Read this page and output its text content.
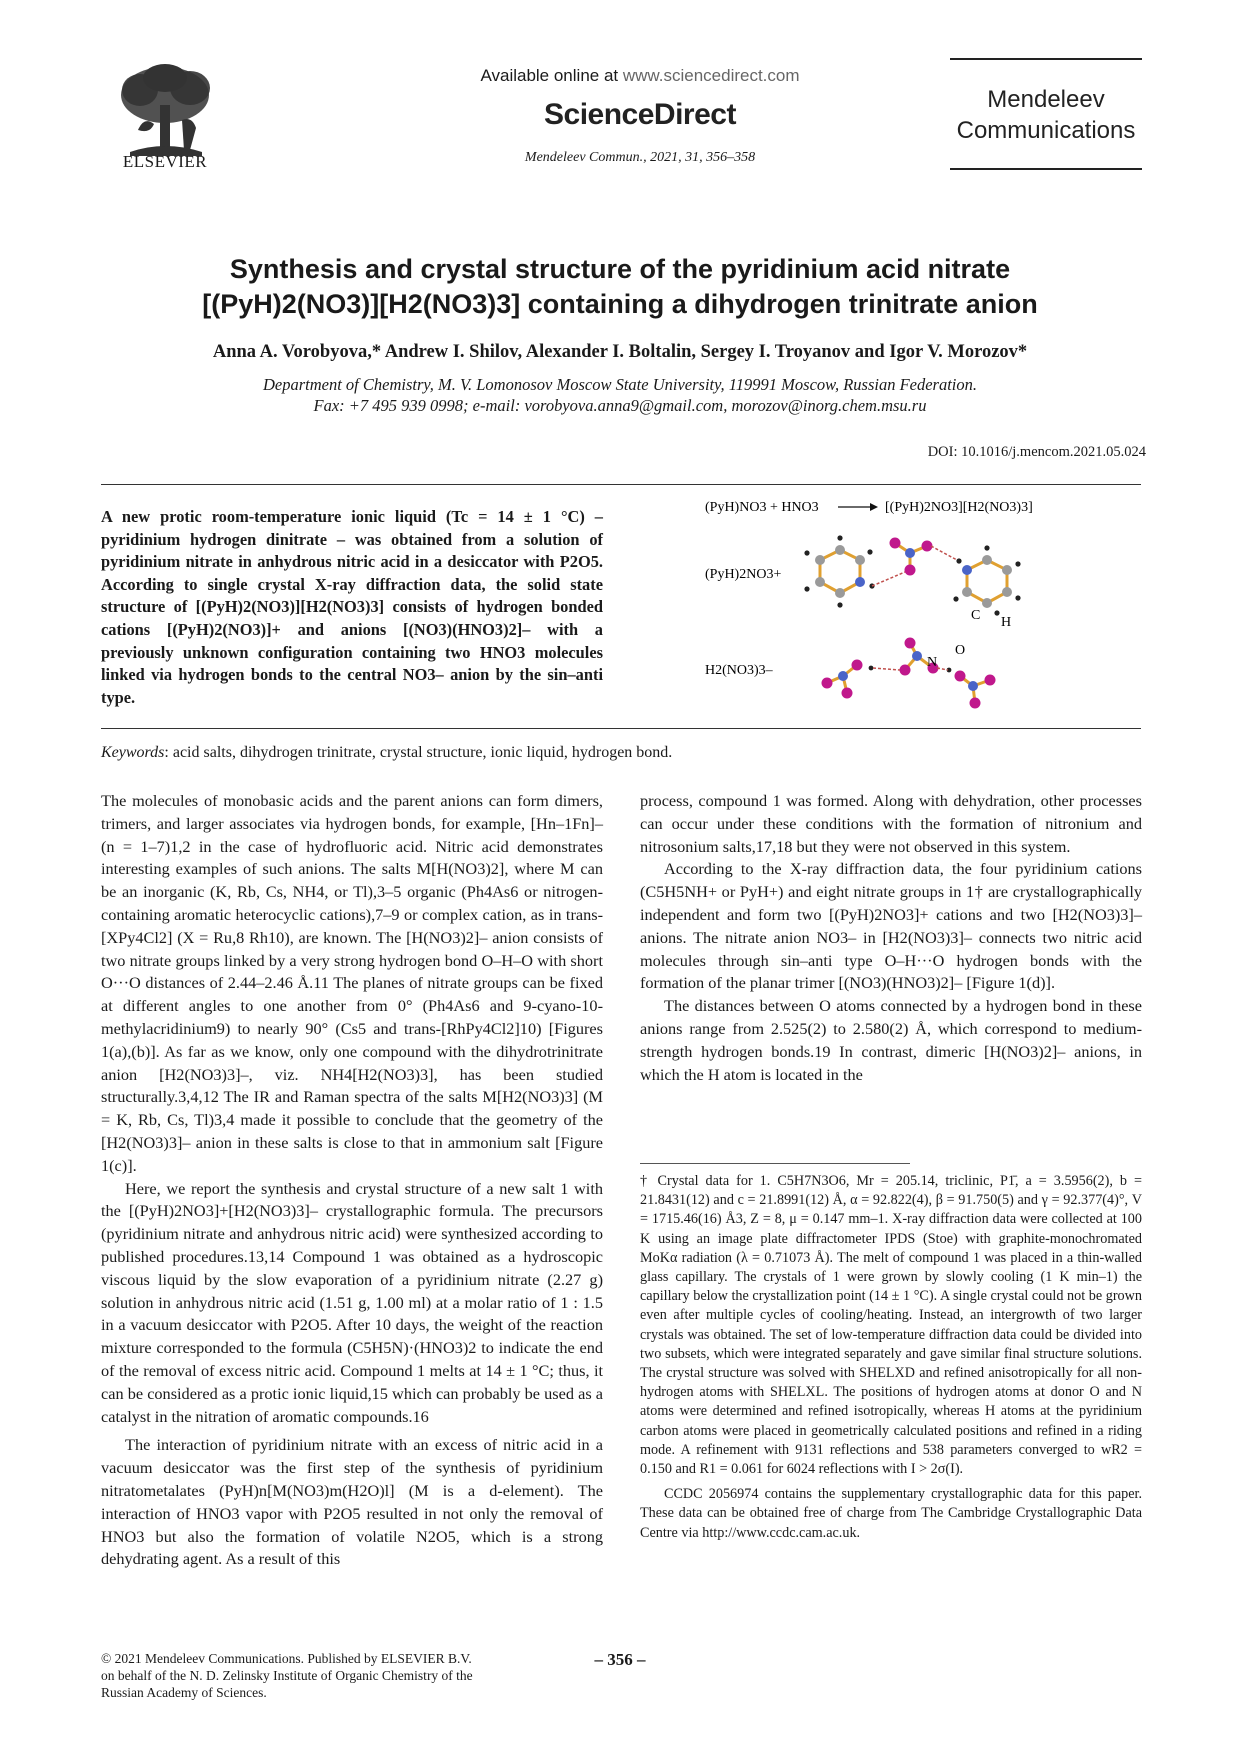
ELSEVIER
Available online at www.sciencedirect.com
ScienceDirect
Mendeleev Commun., 2021, 31, 356–358
Mendeleev
Communications
Synthesis and crystal structure of the pyridinium acid nitrate
[(PyH)2(NO3)][H2(NO3)3] containing a dihydrogen trinitrate anion
Anna A. Vorobyova,* Andrew I. Shilov, Alexander I. Boltalin, Sergey I. Troyanov and Igor V. Morozov*
Department of Chemistry, M. V. Lomonosov Moscow State University, 119991 Moscow, Russian Federation.
Fax: +7 495 939 0998; e-mail: vorobyova.anna9@gmail.com, morozov@inorg.chem.msu.ru
DOI: 10.1016/j.mencom.2021.05.024
A new protic room-temperature ionic liquid (Tc = 14 ± 1 °C) – pyridinium hydrogen dinitrate – was obtained from a solution of pyridinium nitrate in anhydrous nitric acid in a desiccator with P2O5. According to single crystal X-ray diffraction data, the solid state structure of [(PyH)2(NO3)][H2(NO3)3] consists of hydrogen bonded cations [(PyH)2(NO3)]+ and anions [(NO3)(HNO3)2]– with a previously unknown configuration containing two HNO3 molecules linked via hydrogen bonds to the central NO3– anion by the sin–anti type.
(PyH)NO3 + HNO3	[(PyH)2NO3][H2(NO3)3]
(PyH)2NO3+
H2(NO3)3–
C H
N
O
Keywords: acid salts, dihydrogen trinitrate, crystal structure, ionic liquid, hydrogen bond.

The molecules of monobasic acids and the parent anions can form dimers, trimers, and larger associates via hydrogen bonds, for example, [Hn–1Fn]– (n = 1–7)1,2 in the case of hydrofluoric acid. Nitric acid demonstrates interesting examples of such anions. The salts M[H(NO3)2], where M can be an inorganic (K, Rb, Cs, NH4, or Tl),3–5 organic (Ph4As6 or nitrogen-containing aromatic heterocyclic cations),7–9 or complex cation, as in trans-[XPy4Cl2] (X = Ru,8 Rh10), are known. The [H(NO3)2]– anion consists of two nitrate groups linked by a very strong hydrogen bond O–H–O with short O···O distances of 2.44–2.46 Å.11 The planes of nitrate groups can be fixed at different angles to one another from 0° (Ph4As6 and 9-cyano-10-methylacridinium9) to nearly 90° (Cs5 and trans-[RhPy4Cl2]10) [Figures 1(a),(b)]. As far as we know, only one compound with the dihydrotrinitrate anion [H2(NO3)3]–, viz. NH4[H2(NO3)3], has been studied structurally.3,4,12 The IR and Raman spectra of the salts M[H2(NO3)3] (M = K, Rb, Cs, Tl)3,4 made it possible to conclude that the geometry of the [H2(NO3)3]– anion in these salts is close to that in ammonium salt [Figure 1(c)].

Here, we report the synthesis and crystal structure of a new salt 1 with the [(PyH)2NO3]+[H2(NO3)3]– crystallographic formula. The precursors (pyridinium nitrate and anhydrous nitric acid) were synthesized according to published procedures.13,14 Compound 1 was obtained as a hydroscopic viscous liquid by the slow evaporation of a pyridinium nitrate (2.27 g) solution in anhydrous nitric acid (1.51 g, 1.00 ml) at a molar ratio of 1 : 1.5 in a vacuum desiccator with P2O5. After 10 days, the weight of the reaction mixture corresponded to the formula (C5H5N)·(HNO3)2 to indicate the end of the removal of excess nitric acid. Compound 1 melts at 14 ± 1 °C; thus, it can be considered as a protic ionic liquid,15 which can probably be used as a catalyst in the nitration of aromatic compounds.16

The interaction of pyridinium nitrate with an excess of nitric acid in a vacuum desiccator was the first step of the synthesis of pyridinium nitratometalates (PyH)n[M(NO3)m(H2O)l] (M is a d-element). The interaction of HNO3 vapor with P2O5 resulted in not only the removal of HNO3 but also the formation of volatile N2O5, which is a strong dehydrating agent. As a result of this

process, compound 1 was formed. Along with dehydration, other processes can occur under these conditions with the formation of nitronium and nitrosonium salts,17,18 but they were not observed in this system.

According to the X-ray diffraction data, the four pyridinium cations (C5H5NH+ or PyH+) and eight nitrate groups in 1† are crystallographically independent and form two [(PyH)2NO3]+ cations and two [H2(NO3)3]– anions. The nitrate anion NO3– in [H2(NO3)3]– connects two nitric acid molecules through sin–anti type O–H···O hydrogen bonds with the formation of the planar trimer [(NO3)(HNO3)2]– [Figure 1(d)].

The distances between O atoms connected by a hydrogen bond in these anions range from 2.525(2) to 2.580(2) Å, which correspond to medium-strength hydrogen bonds.19 In contrast, dimeric [H(NO3)2]– anions, in which the H atom is located in the

† Crystal data for 1. C5H7N3O6, Mr = 205.14, triclinic, P1̄, a = 3.5956(2), b = 21.8431(12) and c = 21.8991(12) Å, α = 92.822(4), β = 91.750(5) and γ = 92.377(4)°, V = 1715.46(16) Å3, Z = 8, μ = 0.147 mm–1. X-ray diffraction data were collected at 100 K using an image plate diffractometer IPDS (Stoe) with graphite-monochromated MoKα radiation (λ = 0.71073 Å). The melt of compound 1 was placed in a thin-walled glass capillary. The crystals of 1 were grown by slowly cooling (1 K min–1) the capillary below the crystallization point (14 ± 1 °C). A single crystal could not be grown even after multiple cycles of cooling/heating. Instead, an intergrowth of two larger crystals was obtained. The set of low-temperature diffraction data could be divided into two subsets, which were integrated separately and gave similar final structure solutions. The crystal structure was solved with SHELXD and refined anisotropically for all non-hydrogen atoms with SHELXL. The positions of hydrogen atoms at donor O and N atoms were determined and refined isotropically, whereas H atoms at the pyridinium carbon atoms were placed in geometrically calculated positions and refined in a riding mode. A refinement with 9131 reflections and 538 parameters converged to wR2 = 0.150 and R1 = 0.061 for 6024 reflections with I > 2σ(I).

CCDC 2056974 contains the supplementary crystallographic data for this paper. These data can be obtained free of charge from The Cambridge Crystallographic Data Centre via http://www.ccdc.cam.ac.uk.

© 2021 Mendeleev Communications. Published by ELSEVIER B.V.
on behalf of the N. D. Zelinsky Institute of Organic Chemistry of the
Russian Academy of Sciences.
– 356 –
